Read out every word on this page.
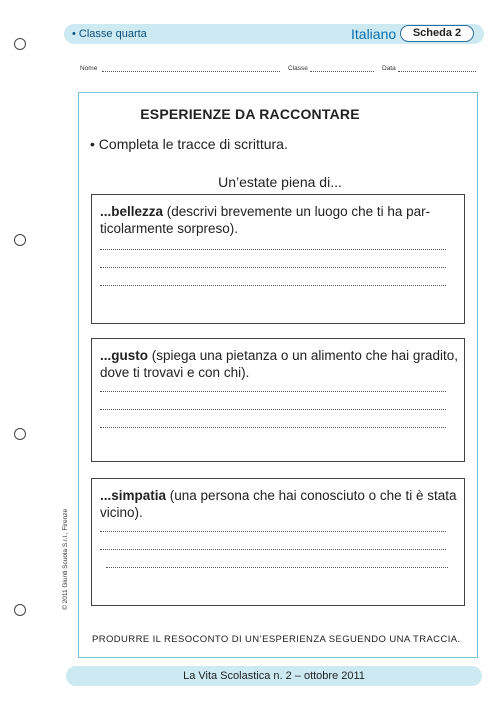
• Classe quarta	Italiano	Scheda 2
Nome	Classe	Data
ESPERIENZE DA RACCONTARE
• Completa le tracce di scrittura.
Un’estate piena di...
...bellezza (descrivi brevemente un luogo che ti ha par-ticolarmente sorpreso).
...gusto (spiega una pietanza o un alimento che hai gradito, dove ti trovavi e con chi).
...simpatia (una persona che hai conosciuto o che ti è stata vicino).
PRODURRE IL RESOCONTO DI UN’ESPERIENZA SEGUENDO UNA TRACCIA.
La Vita Scolastica n. 2 – ottobre 2011
© 2011 Giunti Scuola S.r.l., Firenze
